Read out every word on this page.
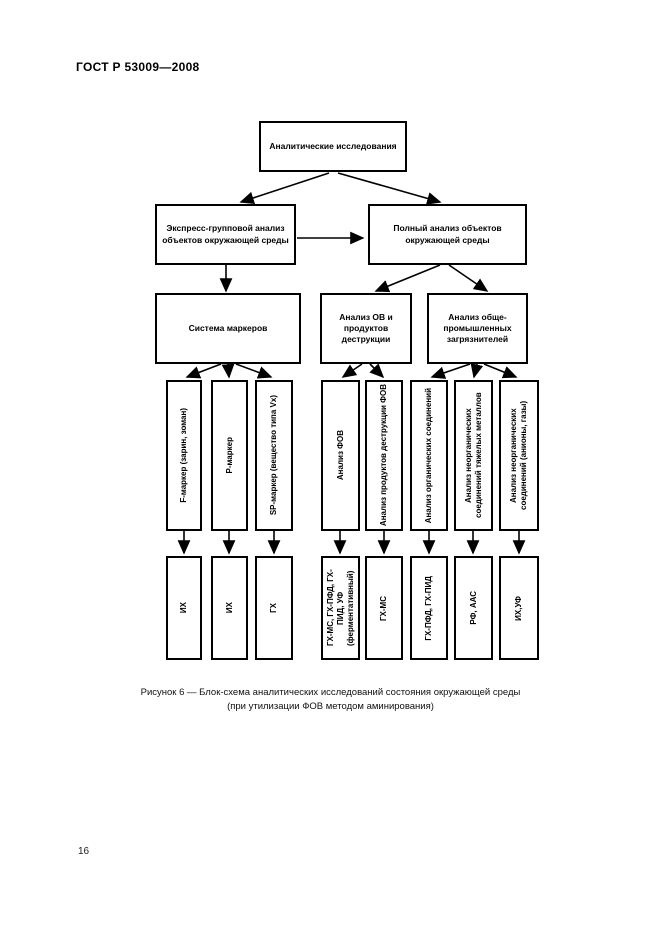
ГОСТ Р 53009—2008
Аналитические исследования
Экспресс-групповой анализ объектов окружающей среды
Полный анализ объектов окружающей среды
Система маркеров
Анализ ОВ и продуктов деструкции
Анализ обще-промышленных загрязнителей
F-маркер (зарин, зоман)	Р-маркер	SР-маркер (вещество типа Vx)	Анализ ФОВ	Анализ продуктов деструкции ФОВ	Анализ органических соединений	Анализ неорганических соединений тяжелых металлов	Анализ неорганических соединений (анионы, газы)
ИХ	ИХ	ГХ	ГХ-МС, ГХ-ПФД, ГХ-ПИД, УФ (ферментативный)	ГХ-МС	ГХ-ПФД, ГХ-ПИД	РФ, ААС	ИХ,УФ
Рисунок 6 — Блок-схема аналитических исследований состояния окружающей среды
(при утилизации ФОВ методом аминирования)
16
